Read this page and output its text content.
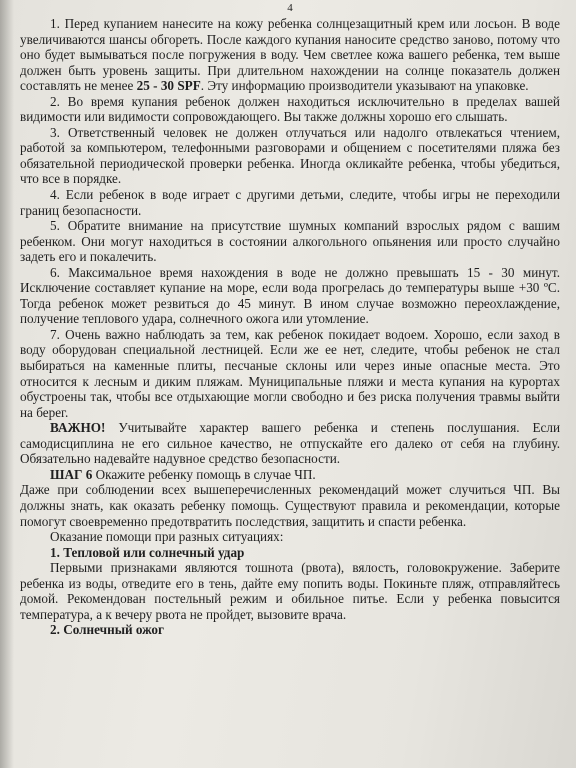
4

1. Перед купанием нанесите на кожу ребенка солнцезащитный крем или лосьон. В воде увеличиваются шансы обгореть. После каждого купания наносите средство заново, потому что оно будет вымываться после погружения в воду. Чем светлее кожа вашего ребенка, тем выше должен быть уровень защиты. При длительном нахождении на солнце показатель должен составлять не менее 25 - 30 SPF. Эту информацию производители указывают на упаковке.

2. Во время купания ребенок должен находиться исключительно в пределах вашей видимости или видимости сопровождающего. Вы также должны хорошо его слышать.

3. Ответственный человек не должен отлучаться или надолго отвлекаться чтением, работой за компьютером, телефонными разговорами и общением с посетителями пляжа без обязательной периодической проверки ребенка. Иногда окликайте ребенка, чтобы убедиться, что все в порядке.

4. Если ребенок в воде играет с другими детьми, следите, чтобы игры не переходили границ безопасности.

5. Обратите внимание на присутствие шумных компаний взрослых рядом с вашим ребенком. Они могут находиться в состоянии алкогольного опьянения или просто случайно задеть его и покалечить.

6. Максимальное время нахождения в воде не должно превышать 15 - 30 минут. Исключение составляет купание на море, если вода прогрелась до температуры выше +30 ºС. Тогда ребенок может резвиться до 45 минут. В ином случае возможно переохлаждение, получение теплового удара, солнечного ожога или утомление.

7. Очень важно наблюдать за тем, как ребенок покидает водоем. Хорошо, если заход в воду оборудован специальной лестницей. Если же ее нет, следите, чтобы ребенок не стал выбираться на каменные плиты, песчаные склоны или через иные опасные места. Это относится к лесным и диким пляжам. Муниципальные пляжи и места купания на курортах обустроены так, чтобы все отдыхающие могли свободно и без риска получения травмы выйти на берег.

ВАЖНО! Учитывайте характер вашего ребенка и степень послушания. Если самодисциплина не его сильное качество, не отпускайте его далеко от себя на глубину. Обязательно надевайте надувное средство безопасности.

ШАГ 6 Окажите ребенку помощь в случае ЧП.

Даже при соблюдении всех вышеперечисленных рекомендаций может случиться ЧП. Вы должны знать, как оказать ребенку помощь. Существуют правила и рекомендации, которые помогут своевременно предотвратить последствия, защитить и спасти ребенка.

Оказание помощи при разных ситуациях:

1. Тепловой или солнечный удар

Первыми признаками являются тошнота (рвота), вялость, головокружение. Заберите ребенка из воды, отведите его в тень, дайте ему попить воды. Покиньте пляж, отправляйтесь домой. Рекомендован постельный режим и обильное питье. Если у ребенка повысится температура, а к вечеру рвота не пройдет, вызовите врача.

2. Солнечный ожог
